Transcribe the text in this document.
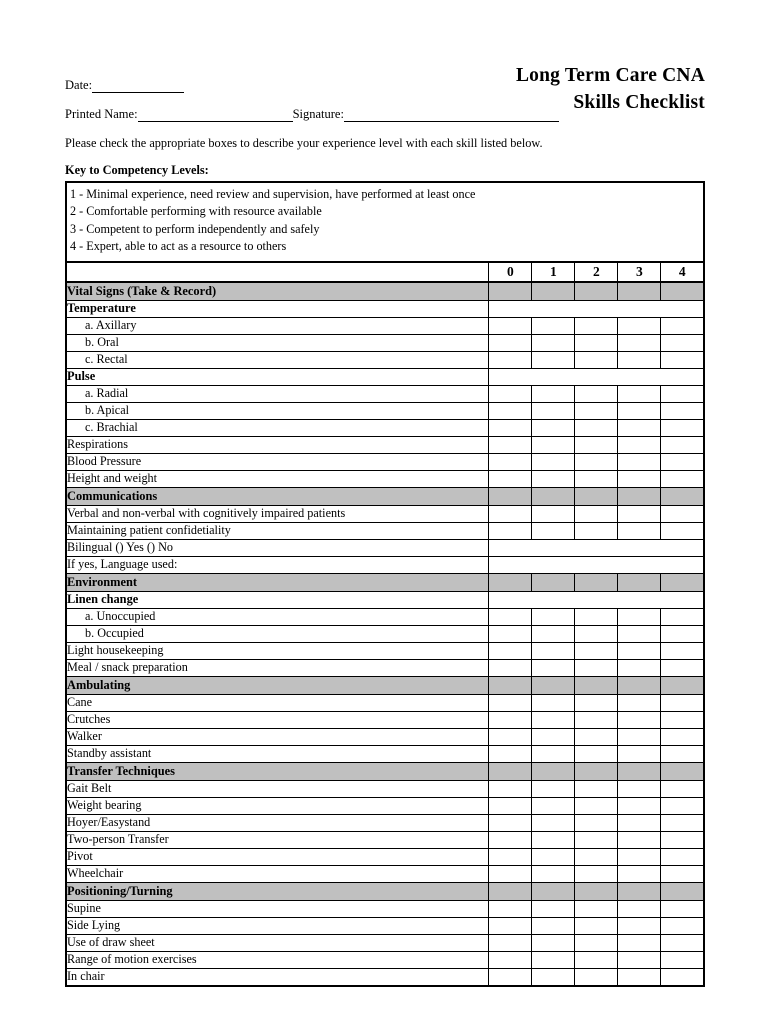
Long Term Care CNA
Skills Checklist
Date:
Printed Name:	Signature:
Please check the appropriate boxes to describe your experience level with each skill listed below.
Key to Competency Levels:
1 - Minimal experience, need review and supervision, have performed at least once
2 - Comfortable performing with resource available
3 - Competent to perform independently and safely
4 - Expert, able to act as a resource to others
	0	1	2	3	4
Vital Signs (Take & Record)					
Temperature					
a. Axillary					
b. Oral					
c. Rectal					
Pulse					
a. Radial					
b. Apical					
c. Brachial					
Respirations					
Blood Pressure					
Height and weight					
Communications					
Verbal and non-verbal with cognitively impaired patients					
Maintaining patient confidetiality					
Bilingual () Yes () No					
If yes, Language used:					
Environment					
Linen change					
a. Unoccupied					
b. Occupied					
Light housekeeping					
Meal / snack preparation					
Ambulating					
Cane					
Crutches					
Walker					
Standby assistant					
Transfer Techniques					
Gait Belt					
Weight bearing					
Hoyer/Easystand					
Two-person Transfer					
Pivot					
Wheelchair					
Positioning/Turning					
Supine					
Side Lying					
Use of draw sheet					
Range of motion exercises					
In chair					
